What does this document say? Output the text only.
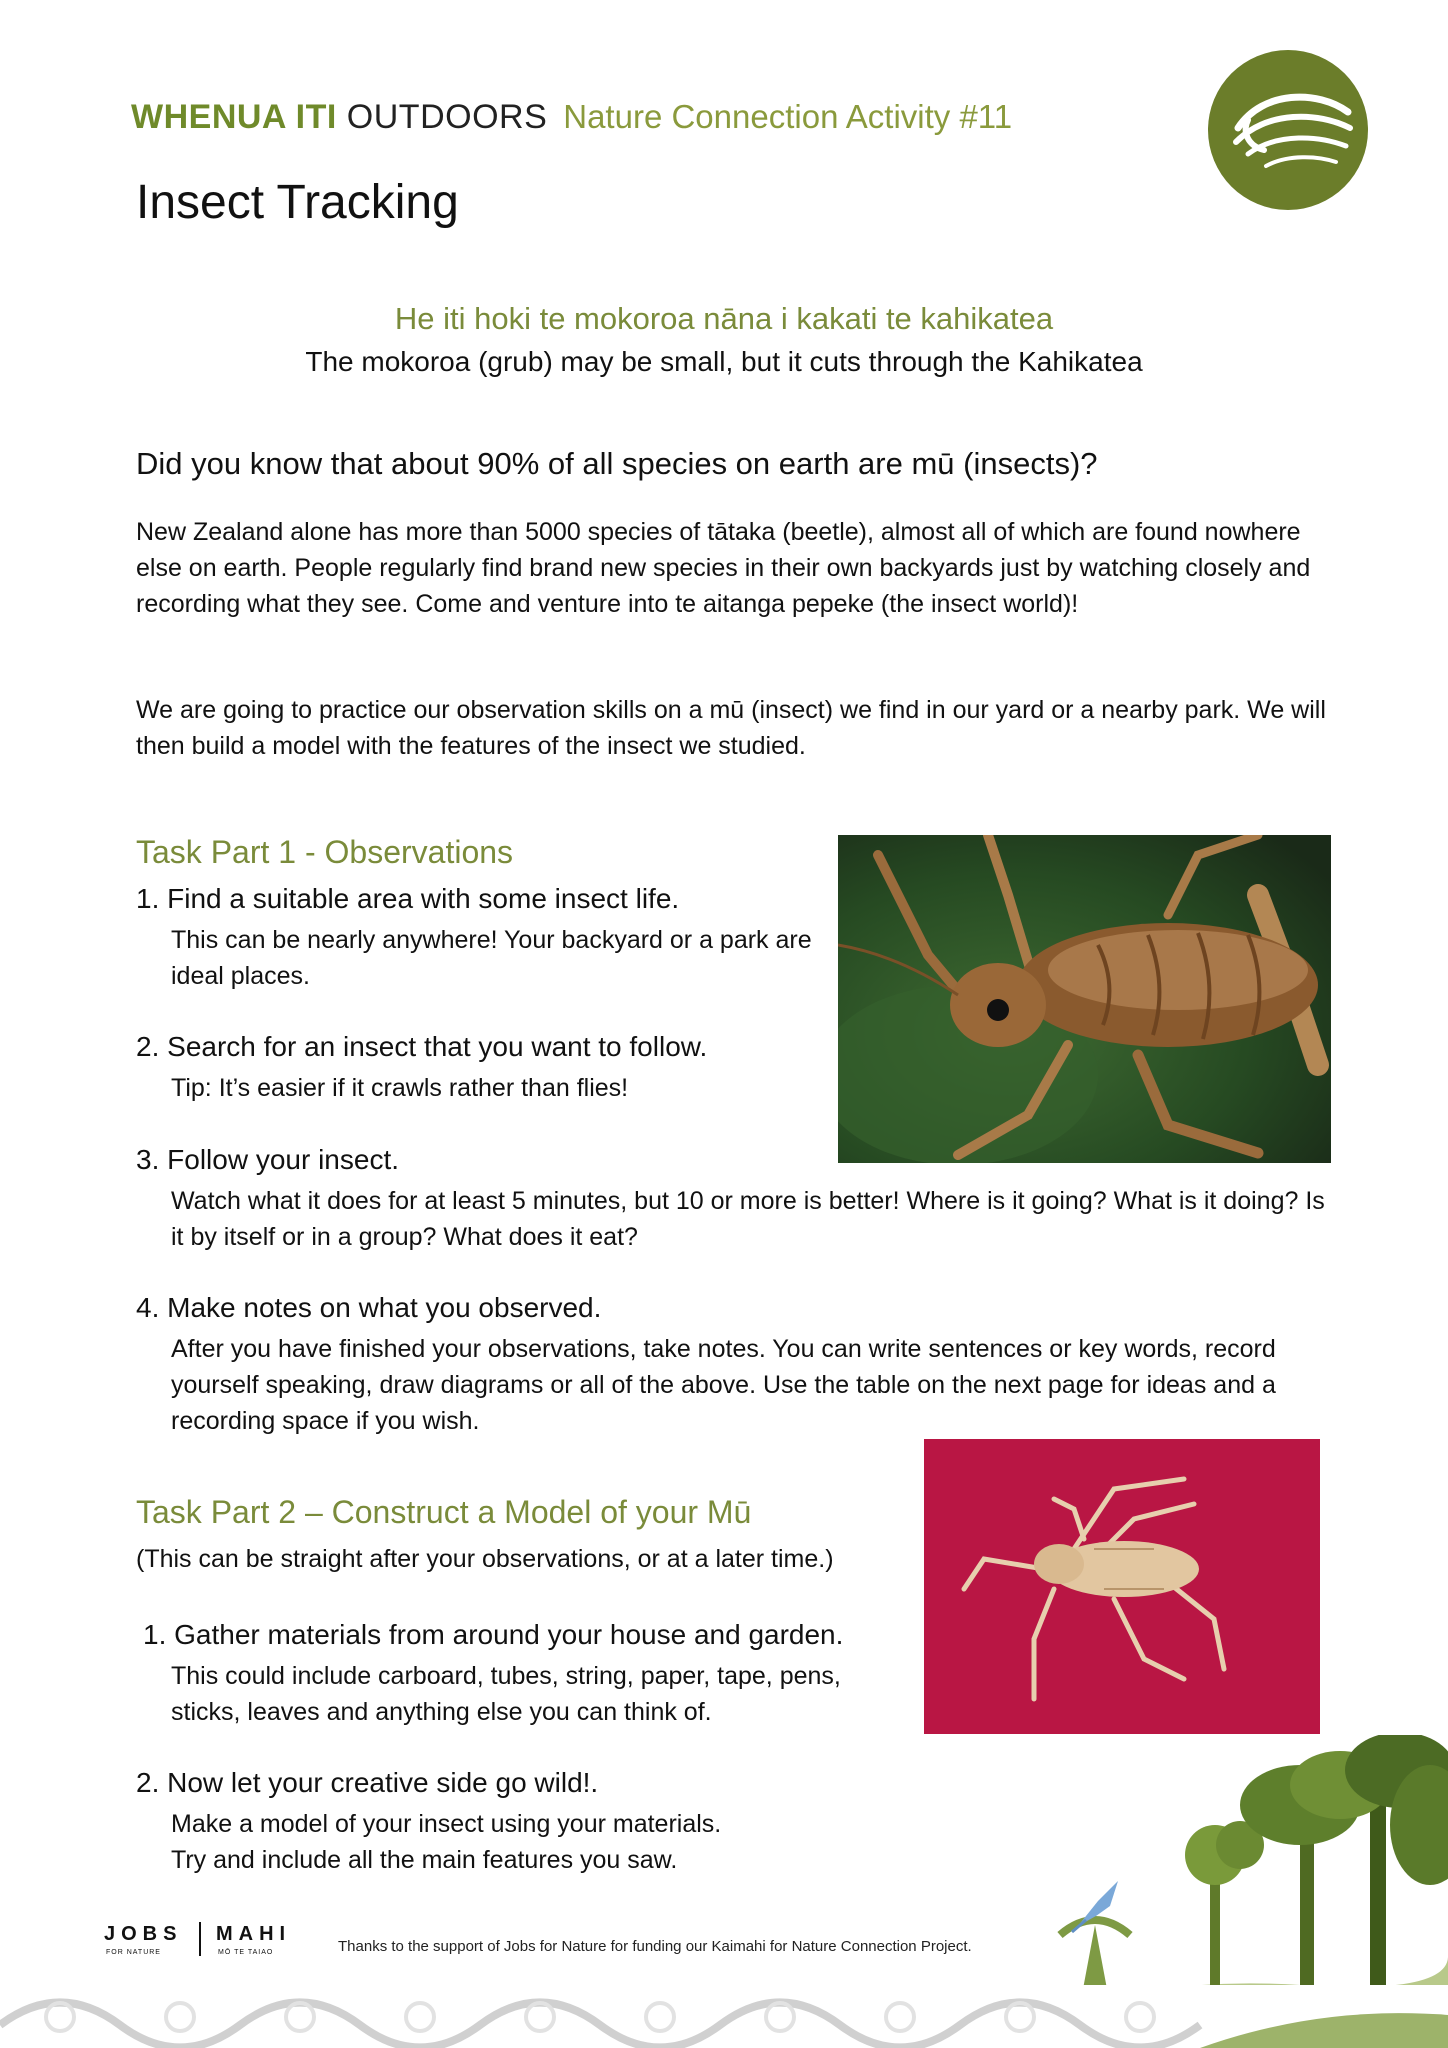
WHENUA ITI OUTDOORS Nature Connection Activity #11
Insect Tracking
He iti hoki te mokoroa nāna i kakati te kahikatea
The mokoroa (grub) may be small, but it cuts through the Kahikatea
Did you know that about 90% of all species on earth are mū (insects)?
New Zealand alone has more than 5000 species of tātaka (beetle), almost all of which are found nowhere else on earth. People regularly find brand new species in their own backyards just by watching closely and recording what they see. Come and venture into te aitanga pepeke (the insect world)!
We are going to practice our observation skills on a mū (insect) we find in our yard or a nearby park. We will then build a model with the features of the insect we studied.
Task Part 1 - Observations
1. Find a suitable area with some insect life.
This can be nearly anywhere! Your backyard or a park are ideal places.
2. Search for an insect that you want to follow.
Tip: It’s easier if it crawls rather than flies!
3. Follow your insect.
Watch what it does for at least 5 minutes, but 10 or more is better! Where is it going? What is it doing? Is it by itself or in a group? What does it eat?
4. Make notes on what you observed.
After you have finished your observations, take notes. You can write sentences or key words, record yourself speaking, draw diagrams or all of the above. Use the table on the next page for ideas and a recording space if you wish.
Task Part 2 – Construct a Model of your Mū
(This can be straight after your observations, or at a later time.)
1. Gather materials from around your house and garden.
This could include carboard, tubes, string, paper, tape, pens, sticks, leaves and anything else you can think of.
2. Now let your creative side go wild!.
Make a model of your insect using your materials.
Try and include all the main features you saw.
JOBS
FOR NATURE
MAHI
MŌ TE TAIAO	Thanks to the support of Jobs for Nature for funding our Kaimahi for Nature Connection Project.
